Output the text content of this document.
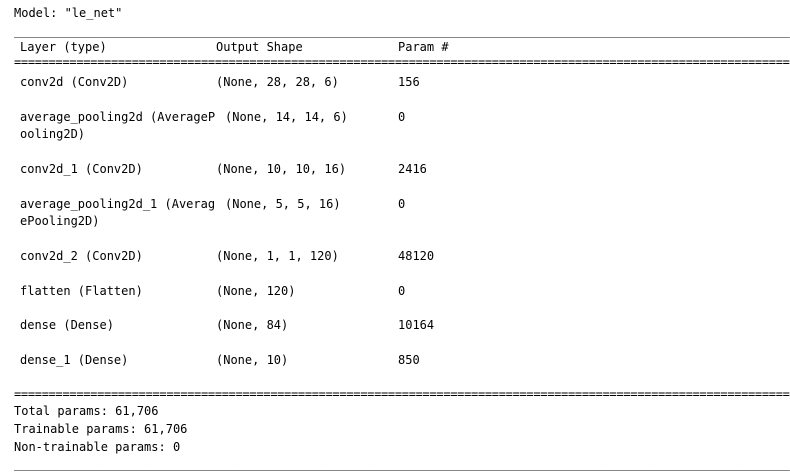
Model: "le_net"
________________________________________________________________________________________________________________
Layer (type)	Output Shape	Param #
================================================================================================================
conv2d (Conv2D)	(None, 28, 28, 6)	156
average_pooling2d (AverageP
ooling2D)
(None, 14, 14, 6)	0
conv2d_1 (Conv2D)	(None, 10, 10, 16)	2416
average_pooling2d_1 (Averag
ePooling2D)
(None, 5, 5, 16)	0
conv2d_2 (Conv2D)	(None, 1, 1, 120)	48120
flatten (Flatten)	(None, 120)	0
dense (Dense)	(None, 84)	10164
dense_1 (Dense)	(None, 10)	850
================================================================================================================
Total params: 61,706
Trainable params: 61,706
Non-trainable params: 0
________________________________________________________________________________________________________________
